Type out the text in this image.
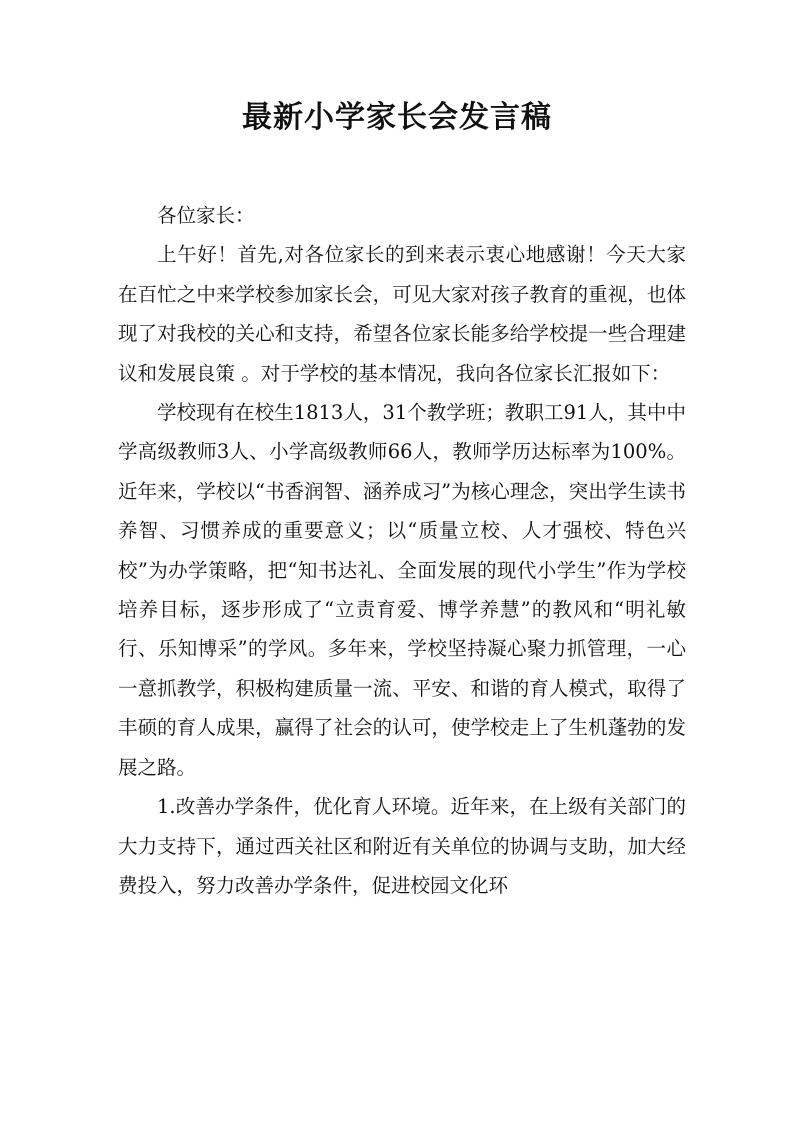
最新小学家长会发言稿

各位家长：

上午好！首先,对各位家长的到来表示衷心地感谢！今天大家在百忙之中来学校参加家长会，可见大家对孩子教育的重视，也体现了对我校的关心和支持，希望各位家长能多给学校提一些合理建议和发展良策 。对于学校的基本情况，我向各位家长汇报如下：

学校现有在校生1813人，31个教学班；教职工91人，其中中学高级教师3人、小学高级教师66人，教师学历达标率为100%。近年来，学校以“书香润智、涵养成习”为核心理念，突出学生读书养智、习惯养成的重要意义；以“质量立校、人才强校、特色兴校”为办学策略，把“知书达礼、全面发展的现代小学生”作为学校培养目标，逐步形成了“立责育爱、博学养慧”的教风和“明礼敏行、乐知博采”的学风。多年来，学校坚持凝心聚力抓管理，一心一意抓教学，积极构建质量一流、平安、和谐的育人模式，取得了丰硕的育人成果，赢得了社会的认可，使学校走上了生机蓬勃的发展之路。

1.改善办学条件，优化育人环境。近年来，在上级有关部门的大力支持下，通过西关社区和附近有关单位的协调与支助，加大经费投入，努力改善办学条件，促进校园文化环
